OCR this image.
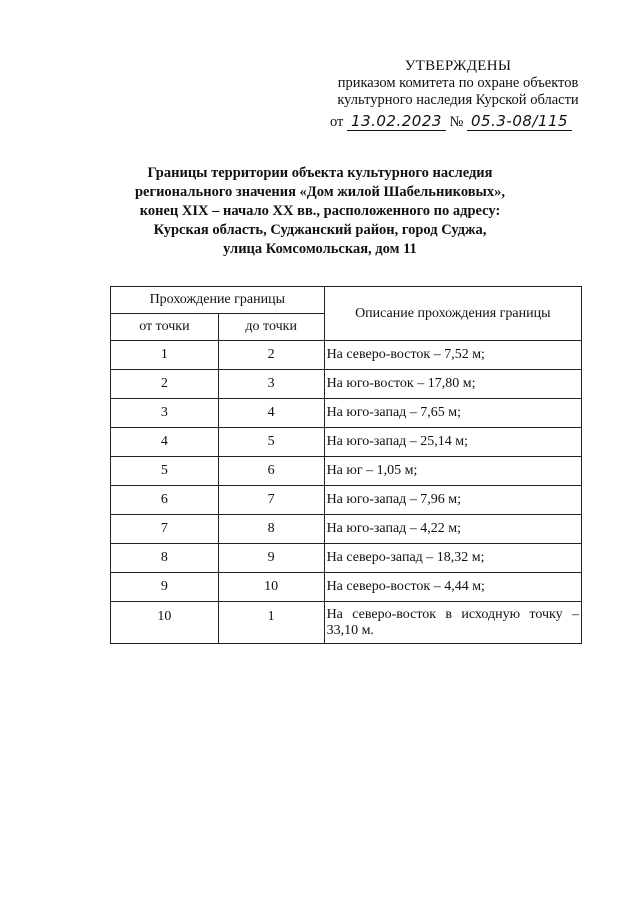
УТВЕРЖДЕНЫ
приказом комитета по охране объектов
культурного наследия Курской области
от 13.02.2023 № 05.3-08/115
Границы территории объекта культурного наследия
регионального значения «Дом жилой Шабельниковых»,
конец XIX – начало XX вв., расположенного по адресу:
Курская область, Суджанский район, город Суджа,
улица Комсомольская, дом 11
Прохождение границы		Описание прохождения границы
от точки	до точки	
1	2	На северо-восток – 7,52 м;
2	3	На юго-восток – 17,80 м;
3	4	На юго-запад – 7,65 м;
4	5	На юго-запад – 25,14 м;
5	6	На юг – 1,05 м;
6	7	На юго-запад – 7,96 м;
7	8	На юго-запад – 4,22 м;
8	9	На северо-запад – 18,32 м;
9	10	На северо-восток – 4,44 м;
10	1	На северо-восток в исходную точку – 33,10 м.
